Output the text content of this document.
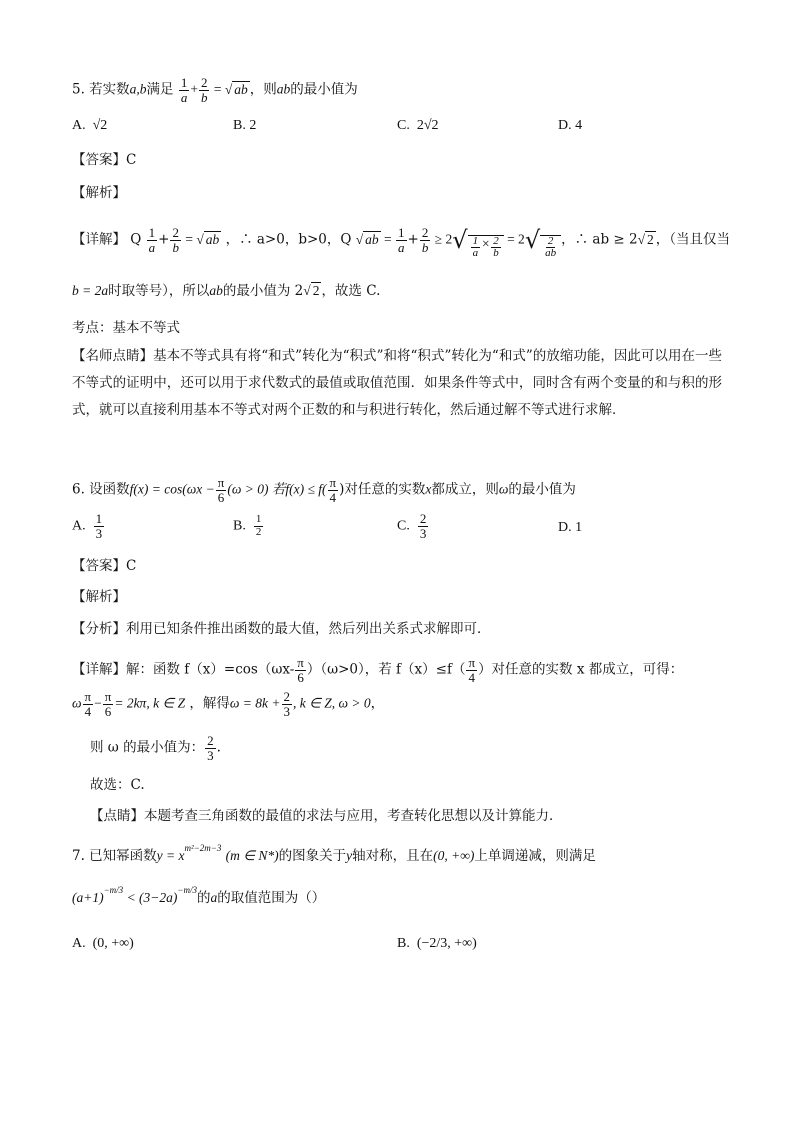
5. 若实数a,b满足 $\frac{1}{a} + \frac{2}{b}$ = √ ab ，则ab的最小值为
A. √2	B. 2	C. 2√2	D. 4
【答案】C
【解析】
【详解】 Q $\frac{1}{a} + \frac{2}{b}$ = √ ab ，∴ a>0，b>0，Q √ ab = $\frac{1}{a} + \frac{2}{b} \ge 2√ \frac{1}{a} \times \frac{2}{b} = 2√ \frac{2}{ab}$ ，∴ ab ≥ 2√ 2 ，（当且仅当
b = 2a时取等号），所以ab的最小值为 2√ 2 ，故选 C.
考点：基本不等式
【名师点睛】基本不等式具有将“和式”转化为“积式”和将“积式”转化为“和式”的放缩功能，因此可以用在一些不等式的证明中，还可以用于求代数式的最值或取值范围．如果条件等式中，同时含有两个变量的和与积的形式，就可以直接利用基本不等式对两个正数的和与积进行转化，然后通过解不等式进行求解．
6. 设函数$f(x) = \cos(\omega x - \frac{\pi}{6} (\omega > 0)$ 若$f(x) \le f( \frac{\pi}{4}$ )对任意的实数x都成立，则ω的最小值为
A. $\frac{1}{3}$	B. $\frac{1}{2}$	C. $\frac{2}{3}$	D. 1
【答案】C
【解析】
【分析】利用已知条件推出函数的最大值，然后列出关系式求解即可．
【详解】解：函数 $f(x)=\cos(\omega x- \frac{\pi}{6} )(\omega>0)$，若 $f(x)\le f( \frac{\pi}{4}$ ）对任意的实数 x 都成立，可得：
ω $\frac{\pi}{4} - \frac{\pi}{6} = 2k\pi$, k ∈ Z ，解得$\omega = 8k + \frac{2}{3}$ , k ∈ Z, ω > 0，
则 ω 的最小值为： $\frac{2}{3}$ .
故选：C.
【点睛】本题考查三角函数的最值的求法与应用，考查转化思想以及计算能力．
7. 已知幂函数$y = x^{m^2-2m-3}$ (m ∈ N*)的图象关于y轴对称，且在(0, +∞)上单调递减，则满足
$(a+1)^{-m/3} < (3-2a)^{-m/3}$的a的取值范围为（）
A. (0, +∞)	B. (−2/3, +∞)
